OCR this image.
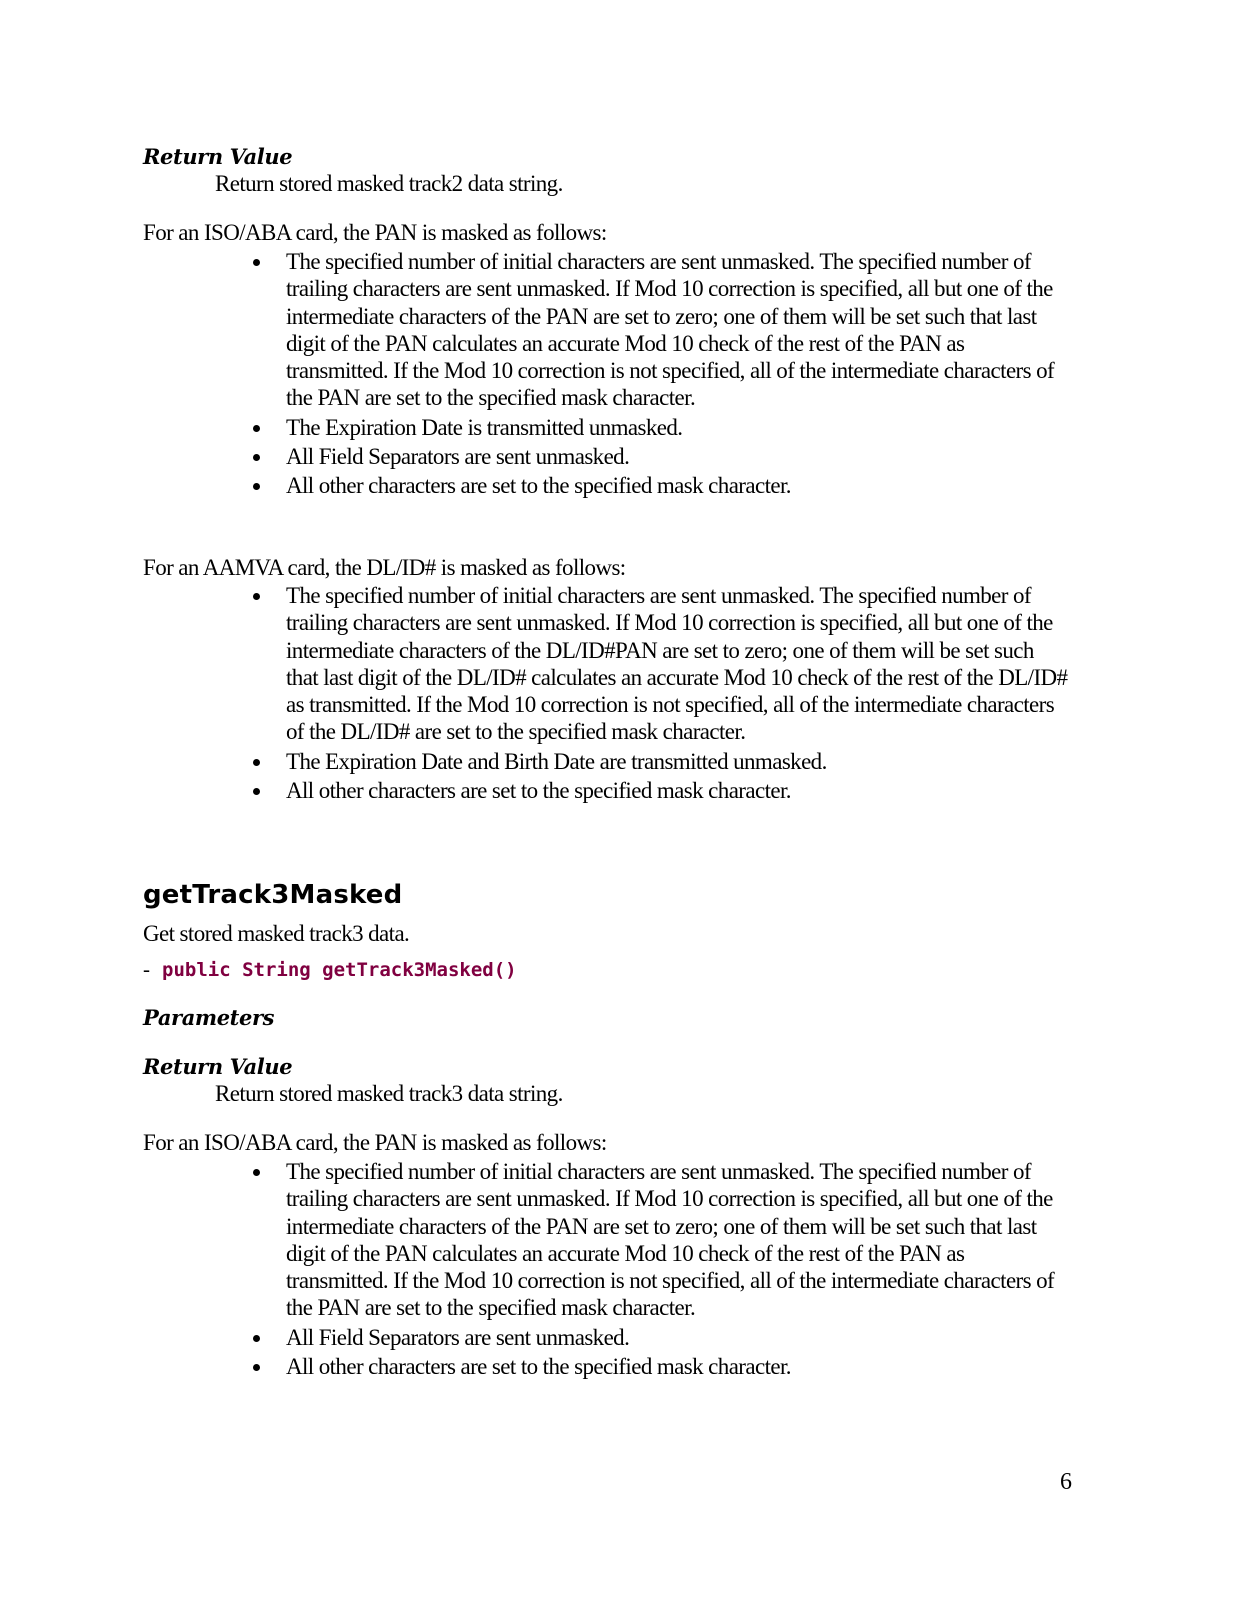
Return Value
Return stored masked track2 data string.
For an ISO/ABA card, the PAN is masked as follows:
The specified number of initial characters are sent unmasked. The specified number of trailing characters are sent unmasked. If Mod 10 correction is specified, all but one of the intermediate characters of the PAN are set to zero; one of them will be set such that last digit of the PAN calculates an accurate Mod 10 check of the rest of the PAN as transmitted. If the Mod 10 correction is not specified, all of the intermediate characters of the PAN are set to the specified mask character.
The Expiration Date is transmitted unmasked.
All Field Separators are sent unmasked.
All other characters are set to the specified mask character.
For an AAMVA card, the DL/ID# is masked as follows:
The specified number of initial characters are sent unmasked. The specified number of trailing characters are sent unmasked. If Mod 10 correction is specified, all but one of the intermediate characters of the DL/ID#PAN are set to zero; one of them will be set such that last digit of the DL/ID# calculates an accurate Mod 10 check of the rest of the DL/ID# as transmitted. If the Mod 10 correction is not specified, all of the intermediate characters of the DL/ID# are set to the specified mask character.
The Expiration Date and Birth Date are transmitted unmasked.
All other characters are set to the specified mask character.
getTrack3Masked
Get stored masked track3 data.
- public String getTrack3Masked()
Parameters
Return Value
Return stored masked track3 data string.
For an ISO/ABA card, the PAN is masked as follows:
The specified number of initial characters are sent unmasked. The specified number of trailing characters are sent unmasked. If Mod 10 correction is specified, all but one of the intermediate characters of the PAN are set to zero; one of them will be set such that last digit of the PAN calculates an accurate Mod 10 check of the rest of the PAN as transmitted. If the Mod 10 correction is not specified, all of the intermediate characters of the PAN are set to the specified mask character.
All Field Separators are sent unmasked.
All other characters are set to the specified mask character.
6
